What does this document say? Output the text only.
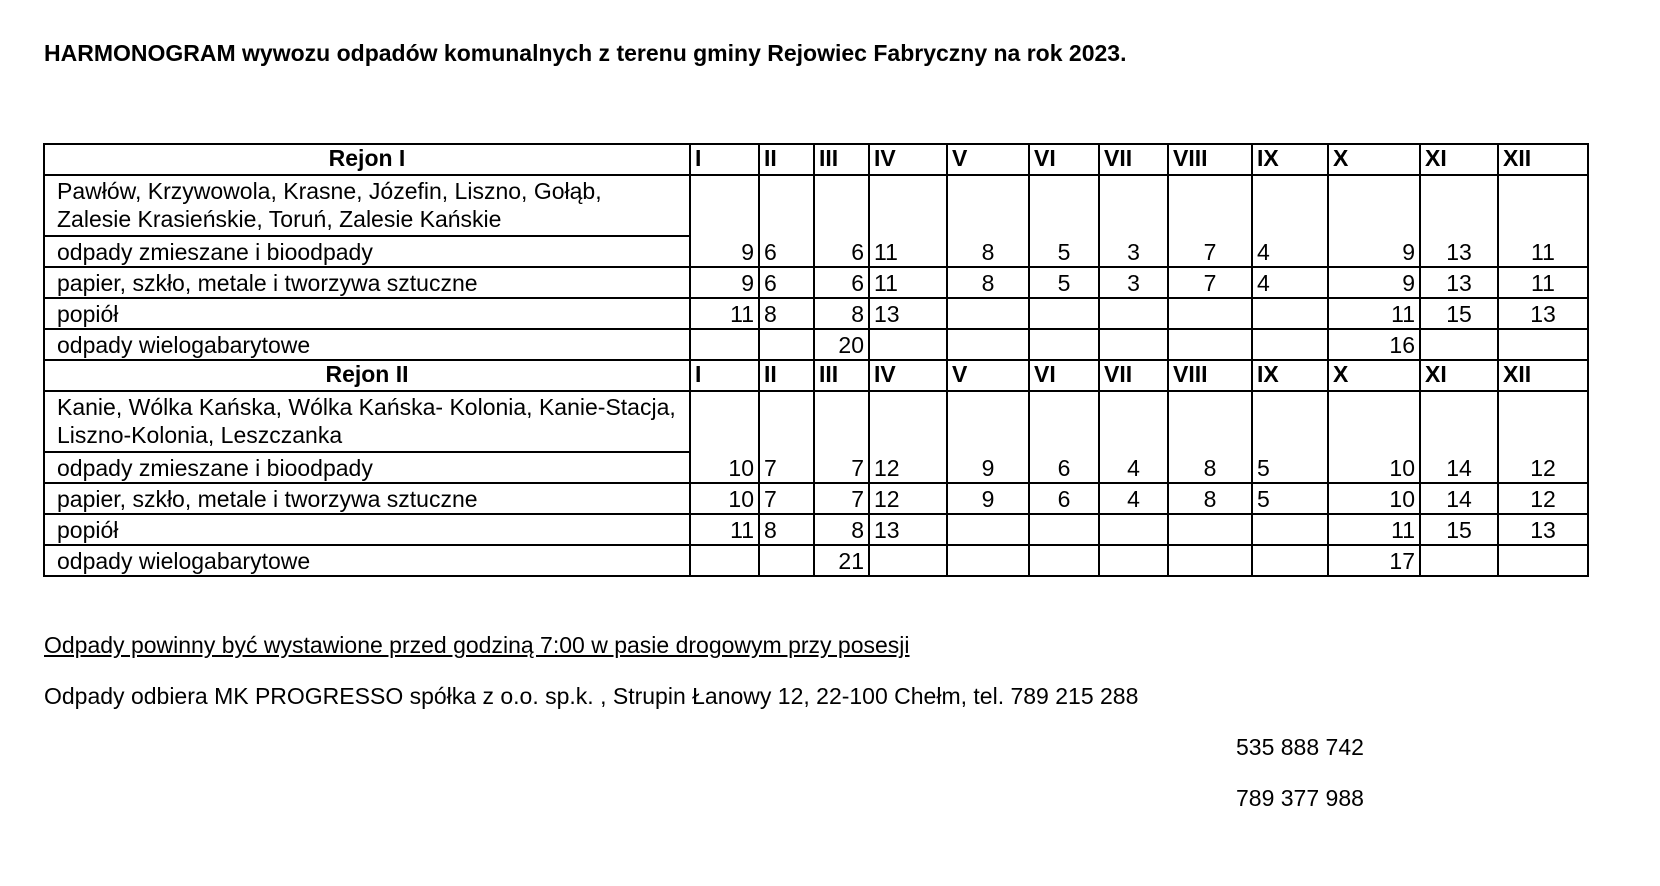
HARMONOGRAM wywozu odpadów komunalnych z terenu gminy Rejowiec Fabryczny na rok 2023.
Rejon I	I	II	III	IV	V	VI	VII	VIII	IX	X	XI	XII
Pawłów, Krzywowola, Krasne, Józefin, Liszno, Gołąb, Zalesie Krasieńskie, Toruń, Zalesie Kańskie												
odpady zmieszane i bioodpady	9	6	6	11	8	5	3	7	4	9	13	11
papier, szkło, metale i tworzywa sztuczne	9	6	6	11	8	5	3	7	4	9	13	11
popiół	11	8	8	13						11	15	13
odpady wielogabarytowe			20							16		
Rejon II	I	II	III	IV	V	VI	VII	VIII	IX	X	XI	XII
Kanie, Wólka Kańska, Wólka Kańska- Kolonia, Kanie-Stacja, Liszno-Kolonia, Leszczanka												
odpady zmieszane i bioodpady	10	7	7	12	9	6	4	8	5	10	14	12
papier, szkło, metale i tworzywa sztuczne	10	7	7	12	9	6	4	8	5	10	14	12
popiół	11	8	8	13						11	15	13
odpady wielogabarytowe			21							17		
Odpady powinny być wystawione przed godziną 7:00 w pasie drogowym przy posesji
Odpady odbiera MK PROGRESSO spółka z o.o. sp.k. , Strupin Łanowy 12, 22-100 Chełm, tel. 789 215 288
535 888 742
789 377 988
